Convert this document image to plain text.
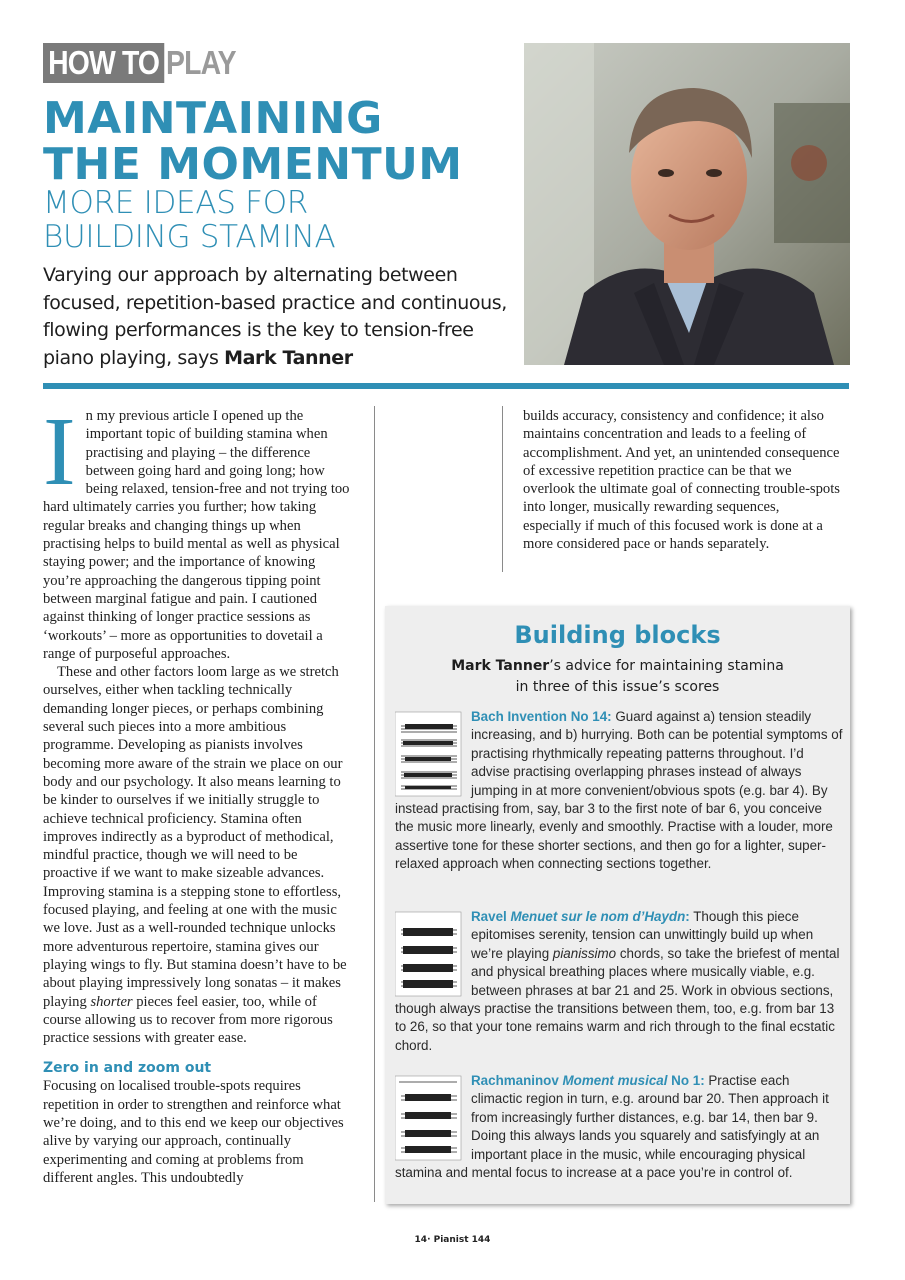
HOW TO PLAY
MAINTAINING
THE MOMENTUM
MORE IDEAS FOR
BUILDING STAMINA
Varying our approach by alternating between focused, repetition-based practice and continuous, flowing performances is the key to tension-free piano playing, says Mark Tanner

In my previous article I opened up the important topic of building stamina when practising and playing – the difference between going hard and going long; how being relaxed, tension-free and not trying too hard ultimately carries you further; how taking regular breaks and changing things up when practising helps to build mental as well as physical staying power; and the importance of knowing you’re approaching the dangerous tipping point between marginal fatigue and pain. I cautioned against thinking of longer practice sessions as ‘workouts’ – more as opportunities to dovetail a range of purposeful approaches.

These and other factors loom large as we stretch ourselves, either when tackling technically demanding longer pieces, or perhaps combining several such pieces into a more ambitious programme. Developing as pianists involves becoming more aware of the strain we place on our body and our psychology. It also means learning to be kinder to ourselves if we initially struggle to achieve technical proficiency. Stamina often improves indirectly as a byproduct of methodical, mindful practice, though we will need to be proactive if we want to make sizeable advances. Improving stamina is a stepping stone to effortless, focused playing, and feeling at one with the music we love. Just as a well-rounded technique unlocks more adventurous repertoire, stamina gives our playing wings to fly. But stamina doesn’t have to be about playing impressively long sonatas – it makes playing shorter pieces feel easier, too, while of course allowing us to recover from more rigorous practice sessions with greater ease.

Zero in and zoom out

Focusing on localised trouble-spots requires repetition in order to strengthen and reinforce what we’re doing, and to this end we keep our objectives alive by varying our approach, continually experimenting and coming at problems from different angles. This undoubtedly

builds accuracy, consistency and confidence; it also maintains concentration and leads to a feeling of accomplishment. And yet, an unintended consequence of excessive repetition practice can be that we overlook the ultimate goal of connecting trouble-spots into longer, musically rewarding sequences, especially if much of this focused work is done at a more considered pace or hands separately.

Building blocks
Mark Tanner’s advice for maintaining stamina in three of this issue’s scores
Bach Invention No 14: Guard against a) tension steadily increasing, and b) hurrying. Both can be potential symptoms of practising rhythmically repeating patterns throughout. I’d advise practising overlapping phrases instead of always jumping in at more convenient/obvious spots (e.g. bar 4). By instead practising from, say, bar 3 to the first note of bar 6, you conceive the music more linearly, evenly and smoothly. Practise with a louder, more assertive tone for these shorter sections, and then go for a lighter, super-relaxed approach when connecting sections together.
Ravel Menuet sur le nom d’Haydn: Though this piece epitomises serenity, tension can unwittingly build up when we’re playing pianissimo chords, so take the briefest of mental and physical breathing places where musically viable, e.g. between phrases at bar 21 and 25. Work in obvious sections, though always practise the transitions between them, too, e.g. from bar 13 to 26, so that your tone remains warm and rich through to the final ecstatic chord.
Rachmaninov Moment musical No 1: Practise each climactic region in turn, e.g. around bar 20. Then approach it from increasingly further distances, e.g. bar 14, then bar 9. Doing this always lands you squarely and satisfyingly at an important place in the music, while encouraging physical stamina and mental focus to increase at a pace you’re in control of.
14· Pianist 144
